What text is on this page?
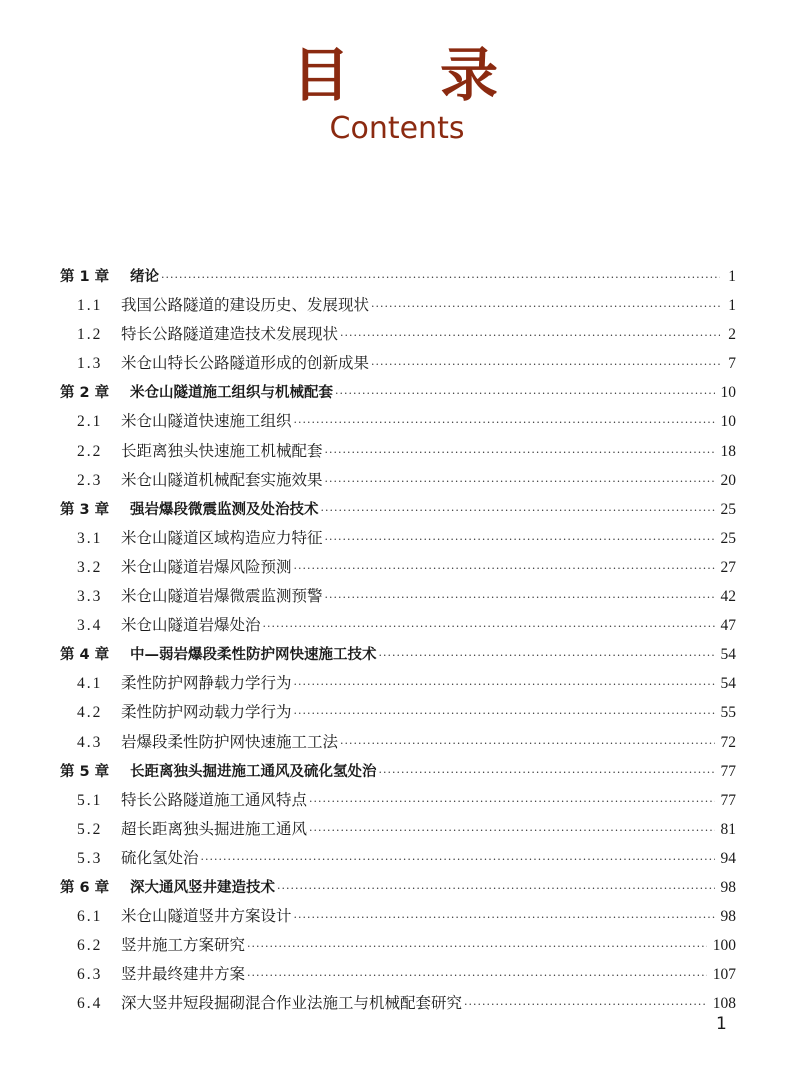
目录
Contents
第 1 章	绪论 ·····	1
1.1	我国公路隧道的建设历史、发展现状 ·····	1
1.2	特长公路隧道建造技术发展现状 ·····	2
1.3	米仓山特长公路隧道形成的创新成果 ·····	7
第 2 章	米仓山隧道施工组织与机械配套 ·····	10
2.1	米仓山隧道快速施工组织 ·····	10
2.2	长距离独头快速施工机械配套 ·····	18
2.3	米仓山隧道机械配套实施效果 ·····	20
第 3 章	强岩爆段微震监测及处治技术 ·····	25
3.1	米仓山隧道区域构造应力特征 ·····	25
3.2	米仓山隧道岩爆风险预测 ·····	27
3.3	米仓山隧道岩爆微震监测预警 ·····	42
3.4	米仓山隧道岩爆处治 ·····	47
第 4 章	中—弱岩爆段柔性防护网快速施工技术 ·····	54
4.1	柔性防护网静载力学行为 ·····	54
4.2	柔性防护网动载力学行为 ·····	55
4.3	岩爆段柔性防护网快速施工工法 ·····	72
第 5 章	长距离独头掘进施工通风及硫化氢处治 ·····	77
5.1	特长公路隧道施工通风特点 ·····	77
5.2	超长距离独头掘进施工通风 ·····	81
5.3	硫化氢处治 ·····	94
第 6 章	深大通风竖井建造技术 ·····	98
6.1	米仓山隧道竖井方案设计 ·····	98
6.2	竖井施工方案研究 ·····	100
6.3	竖井最终建井方案 ·····	107
6.4	深大竖井短段掘砌混合作业法施工与机械配套研究 ·····	108
1
